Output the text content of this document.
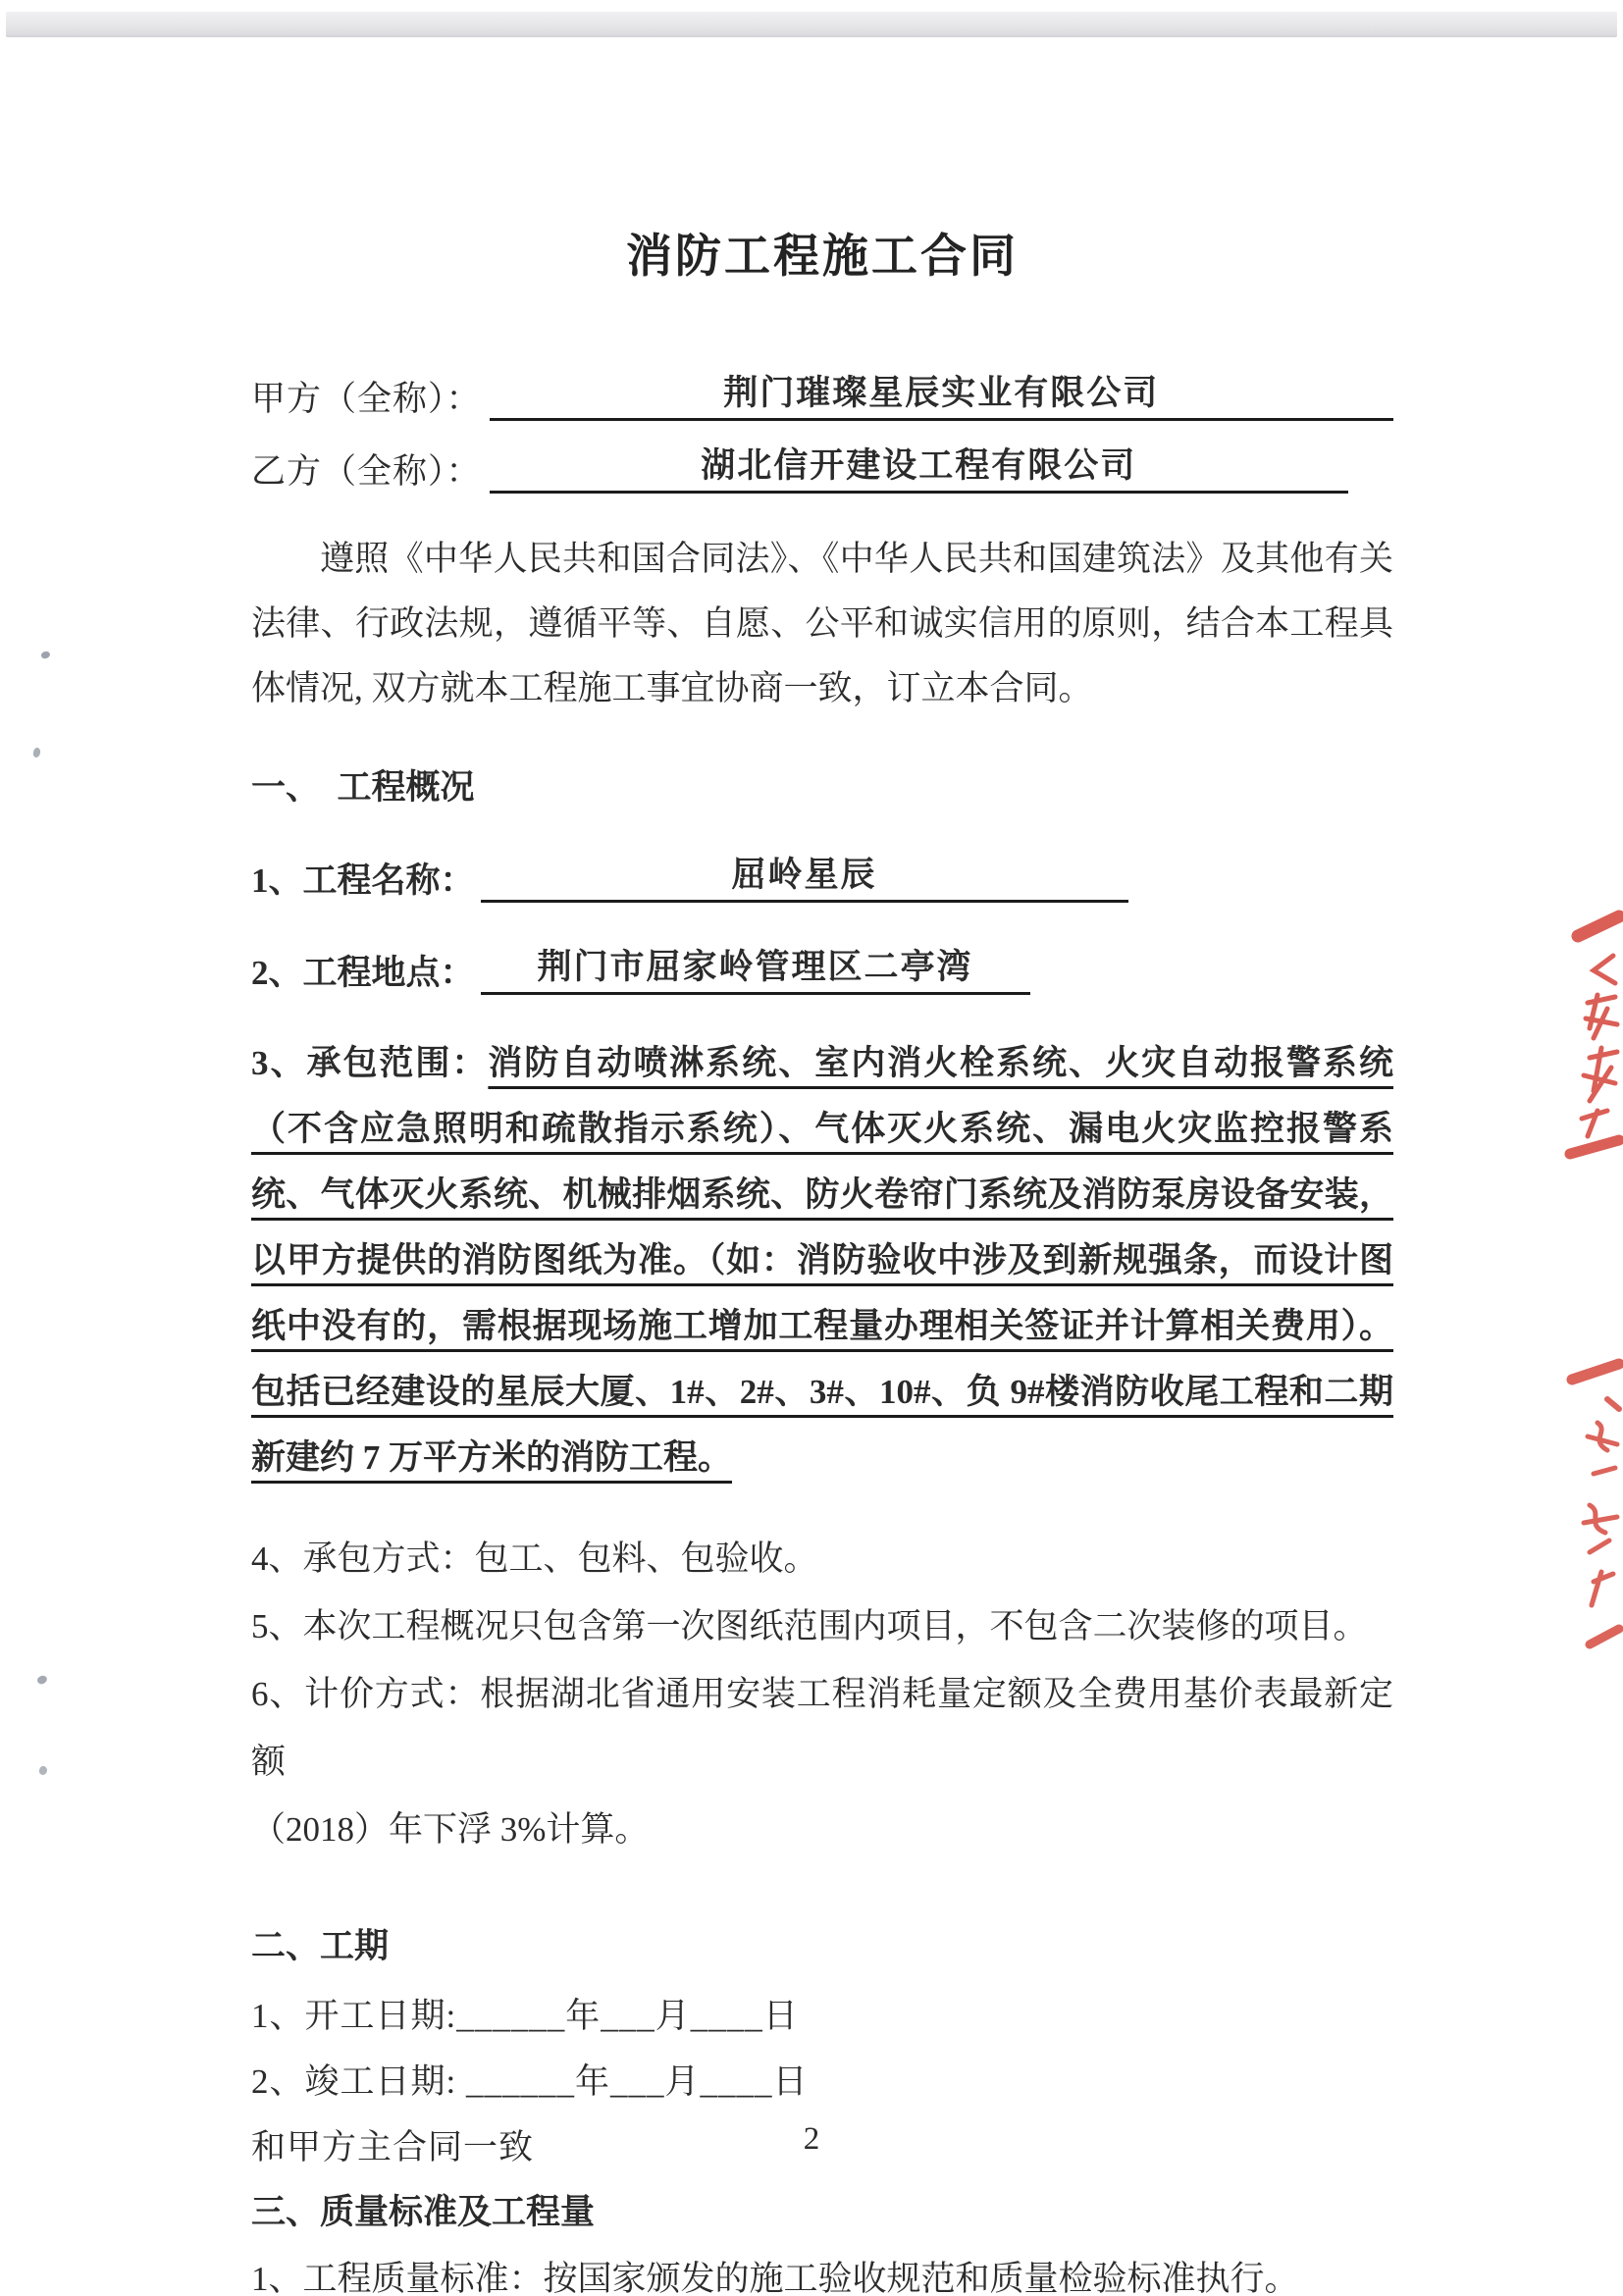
消防工程施工合同
甲方（全称）：	荆门璀璨星辰实业有限公司
乙方（全称）：	湖北信开建设工程有限公司

遵照《中华人民共和国合同法》、《中华人民共和国建筑法》及其他有关法律、行政法规，遵循平等、自愿、公平和诚实信用的原则，结合本工程具体情况, 双方就本工程施工事宜协商一致，订立本合同。

一、　工程概况
1、工程名称：	屈岭星辰
2、工程地点：	荆门市屈家岭管理区二亭湾

3、承包范围：消防自动喷淋系统、室内消火栓系统、火灾自动报警系统（不含应急照明和疏散指示系统）、气体灭火系统、漏电火灾监控报警系统、气体灭火系统、机械排烟系统、防火卷帘门系统及消防泵房设备安装，以甲方提供的消防图纸为准。（如：消防验收中涉及到新规强条，而设计图纸中没有的，需根据现场施工增加工程量办理相关签证并计算相关费用）。包括已经建设的星辰大厦、1#、2#、3#、10#、负 9#楼消防收尾工程和二期新建约 7 万平方米的消防工程。

4、承包方式：包工、包料、包验收。

5、本次工程概况只包含第一次图纸范围内项目，不包含二次装修的项目。

6、计价方式：根据湖北省通用安装工程消耗量定额及全费用基价表最新定额

（2018）年下浮 3%计算。

二、工期

1、开工日期:______年___月____日

2、竣工日期: ______年___月____日

和甲方主合同一致

三、质量标准及工程量

1、工程质量标准：按国家颁发的施工验收规范和质量检验标准执行。

2
